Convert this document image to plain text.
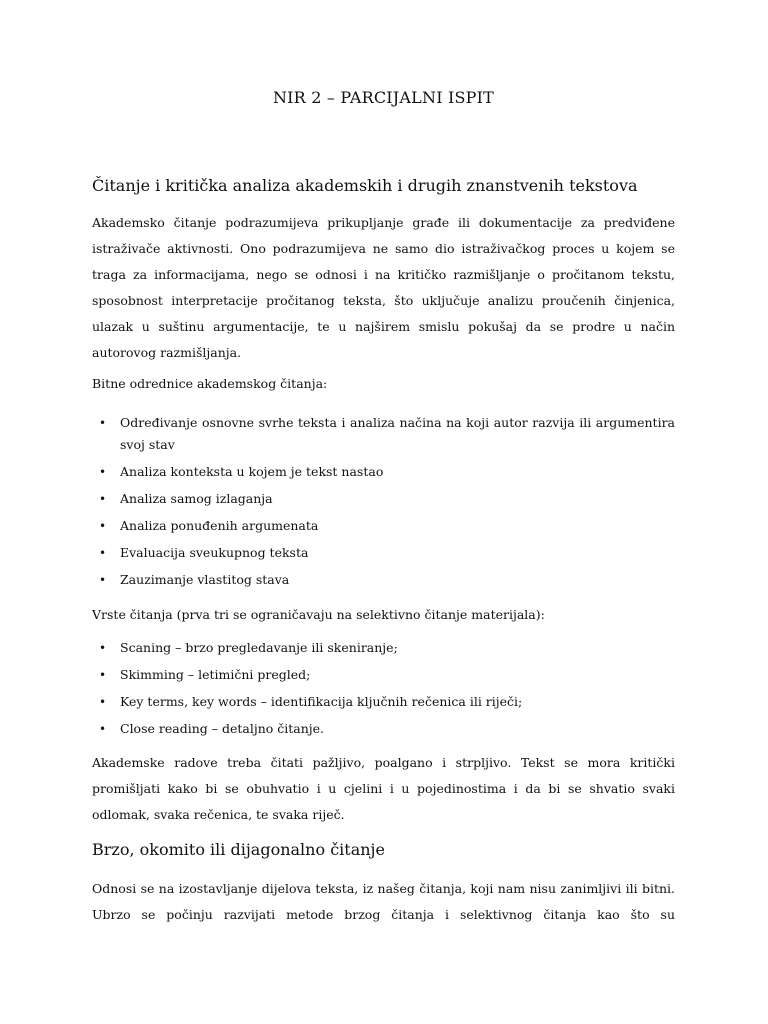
NIR 2 – PARCIJALNI ISPIT
Čitanje i kritička analiza akademskih i drugih znanstvenih tekstova
Akademsko čitanje podrazumijeva prikupljanje građe ili dokumentacije za predviđene istraživače aktivnosti. Ono podrazumijeva ne samo dio istraživačkog proces u kojem se traga za informacijama, nego se odnosi i na kritičko razmišljanje o pročitanom tekstu, sposobnost interpretacije pročitanog teksta, što uključuje analizu proučenih činjenica, ulazak u suštinu argumentacije, te u najširem smislu pokušaj da se prodre u način autorovog razmišljanja.
Bitne odrednice akademskog čitanja:
• Određivanje osnovne svrhe teksta i analiza načina na koji autor razvija ili argumentira svoj stav
• Analiza konteksta u kojem je tekst nastao
• Analiza samog izlaganja
• Analiza ponuđenih argumenata
• Evaluacija sveukupnog teksta
• Zauzimanje vlastitog stava
Vrste čitanja (prva tri se ograničavaju na selektivno čitanje materijala):
• Scaning – brzo pregledavanje ili skeniranje;
• Skimming – letimični pregled;
• Key terms, key words – identifikacija ključnih rečenica ili riječi;
• Close reading – detaljno čitanje.
Akademske radove treba čitati pažljivo, poalgano i strpljivo. Tekst se mora kritički promišljati kako bi se obuhvatio i u cjelini i u pojedinostima i da bi se shvatio svaki odlomak, svaka rečenica, te svaka riječ.
Brzo, okomito ili dijagonalno čitanje
Odnosi se na izostavljanje dijelova teksta, iz našeg čitanja, koji nam nisu zanimljivi ili bitni. Ubrzo se počinju razvijati metode brzog čitanja i selektivnog čitanja kao što su
